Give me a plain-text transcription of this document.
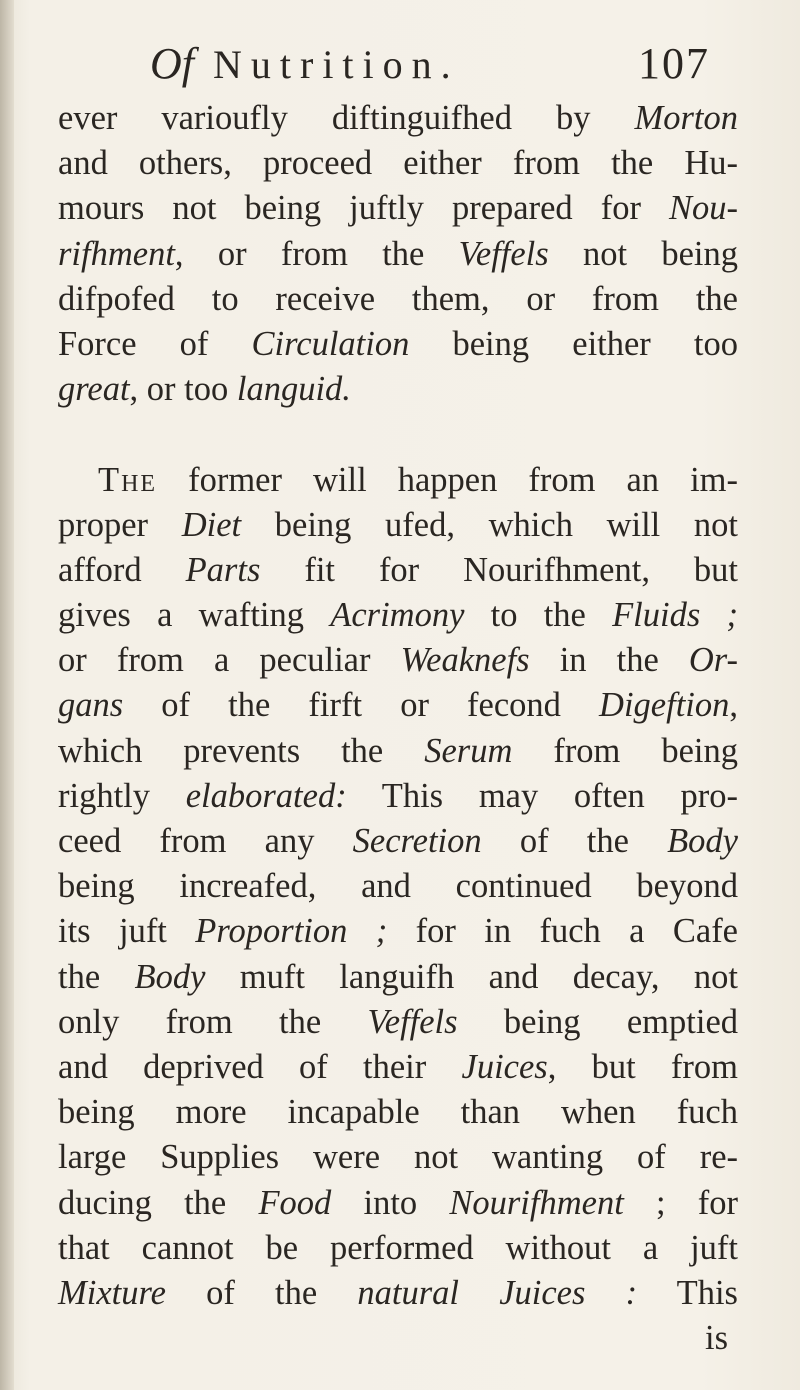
Of Nutrition.	107
ever varioufly diftinguifhed by Morton
and others, proceed either from the Hu-
mours not being juftly prepared for Nou-
rifhment, or from the Veffels not being
difpofed to receive them, or from the
Force of Circulation being either too
great, or too languid.
The former will happen from an im-
proper Diet being ufed, which will not
afford Parts fit for Nourifhment, but
gives a wafting Acrimony to the Fluids ;
or from a peculiar Weaknefs in the Or-
gans of the firft or fecond Digeftion,
which prevents the Serum from being
rightly elaborated: This may often pro-
ceed from any Secretion of the Body
being increafed, and continued beyond
its juft Proportion ; for in fuch a Cafe
the Body muft languifh and decay, not
only from the Veffels being emptied
and deprived of their Juices, but from
being more incapable than when fuch
large Supplies were not wanting of re-
ducing the Food into Nourifhment ; for
that cannot be performed without a juft
Mixture of the natural Juices : This
is
